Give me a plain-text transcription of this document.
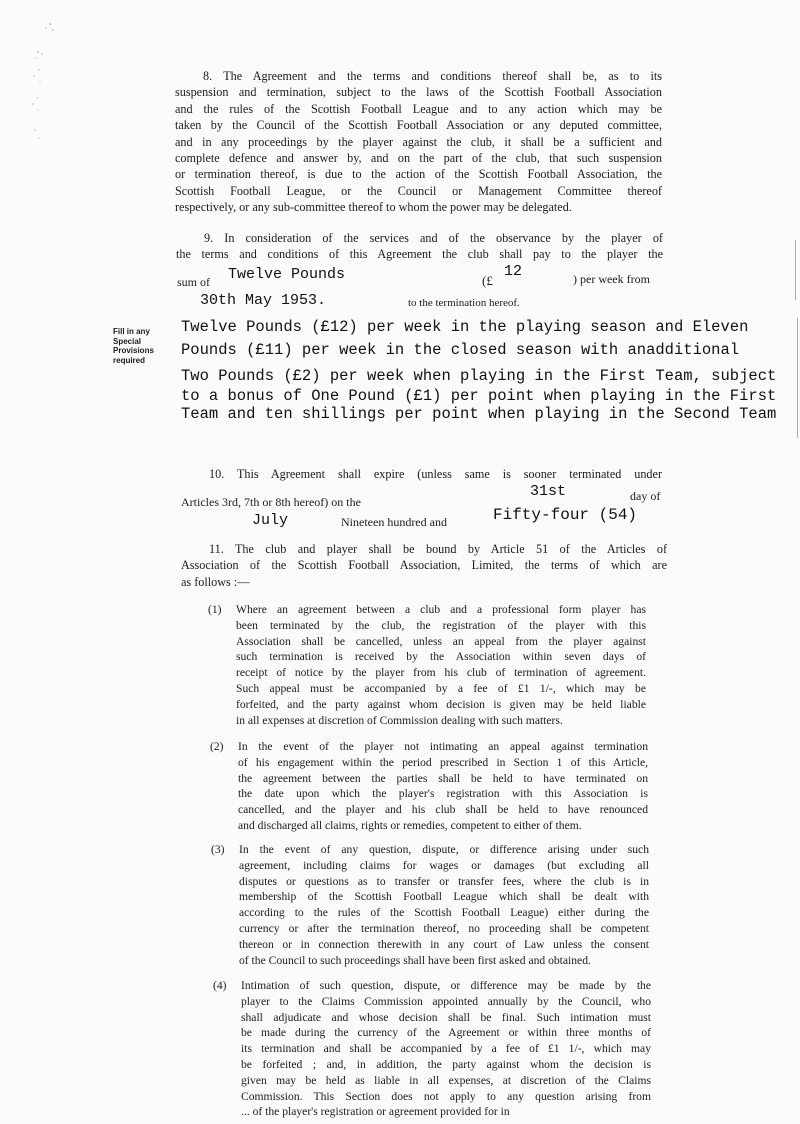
8. The Agreement and the terms and conditions thereof shall be, as to its
suspension and termination, subject to the laws of the Scottish Football Association
and the rules of the Scottish Football League and to any action which may be
taken by the Council of the Scottish Football Association or any deputed committee,
and in any proceedings by the player against the club, it shall be a sufficient and
complete defence and answer by, and on the part of the club, that such suspension
or termination thereof, is due to the action of the Scottish Football Association, the
Scottish Football League, or the Council or Management Committee thereof
respectively, or any sub-committee thereof to whom the power may be delegated.
9. In consideration of the services and of the observance by the player of
the terms and conditions of this Agreement the club shall pay to the player the
sum of Twelve Pounds	(£
12	) per week from
30th May 1953.	to the termination hereof.
Fill in any
Special
Provisions
required
Twelve Pounds (£12) per week in the playing season and Eleven
Pounds (£11) per week in the closed season with anadditional
Two Pounds (£2) per week when playing in the First Team, subject
to a bonus of One Pound (£1) per point when playing in the First
Team and ten shillings per point when playing in the Second Team
10. This Agreement shall expire (unless same is sooner terminated under
Articles 3rd, 7th or 8th hereof) on the
31st	day of
July	Nineteen hundred and	Fifty-four (54)
11. The club and player shall be bound by Article 51 of the Articles of
Association of the Scottish Football Association, Limited, the terms of which are
as follows :—
(1) Where an agreement between a club and a professional form player has
been terminated by the club, the registration of the player with this
Association shall be cancelled, unless an appeal from the player against
such termination is received by the Association within seven days of
receipt of notice by the player from his club of termination of agreement.
Such appeal must be accompanied by a fee of £1 1/-, which may be
forfeited, and the party against whom decision is given may be held liable
in all expenses at discretion of Commission dealing with such matters.
(2) In the event of the player not intimating an appeal against termination
of his engagement within the period prescribed in Section 1 of this Article,
the agreement between the parties shall be held to have terminated on
the date upon which the player's registration with this Association is
cancelled, and the player and his club shall be held to have renounced
and discharged all claims, rights or remedies, competent to either of them.
(3) In the event of any question, dispute, or difference arising under such
agreement, including claims for wages or damages (but excluding all
disputes or questions as to transfer or transfer fees, where the club is in
membership of the Scottish Football League which shall be dealt with
according to the rules of the Scottish Football League) either during the
currency or after the termination thereof, no proceeding shall be competent
thereon or in connection therewith in any court of Law unless the consent
of the Council to such proceedings shall have been first asked and obtained.
(4) Intimation of such question, dispute, or difference may be made by the
player to the Claims Commission appointed annually by the Council, who
shall adjudicate and whose decision shall be final. Such intimation must
be made during the currency of the Agreement or within three months of
its termination and shall be accompanied by a fee of £1 1/-, which may
be forfeited ; and, in addition, the party against whom the decision is
given may be held as liable in all expenses, at discretion of the Claims
Commission. This Section does not apply to any question arising from
... of the player's registration or agreement provided for in
